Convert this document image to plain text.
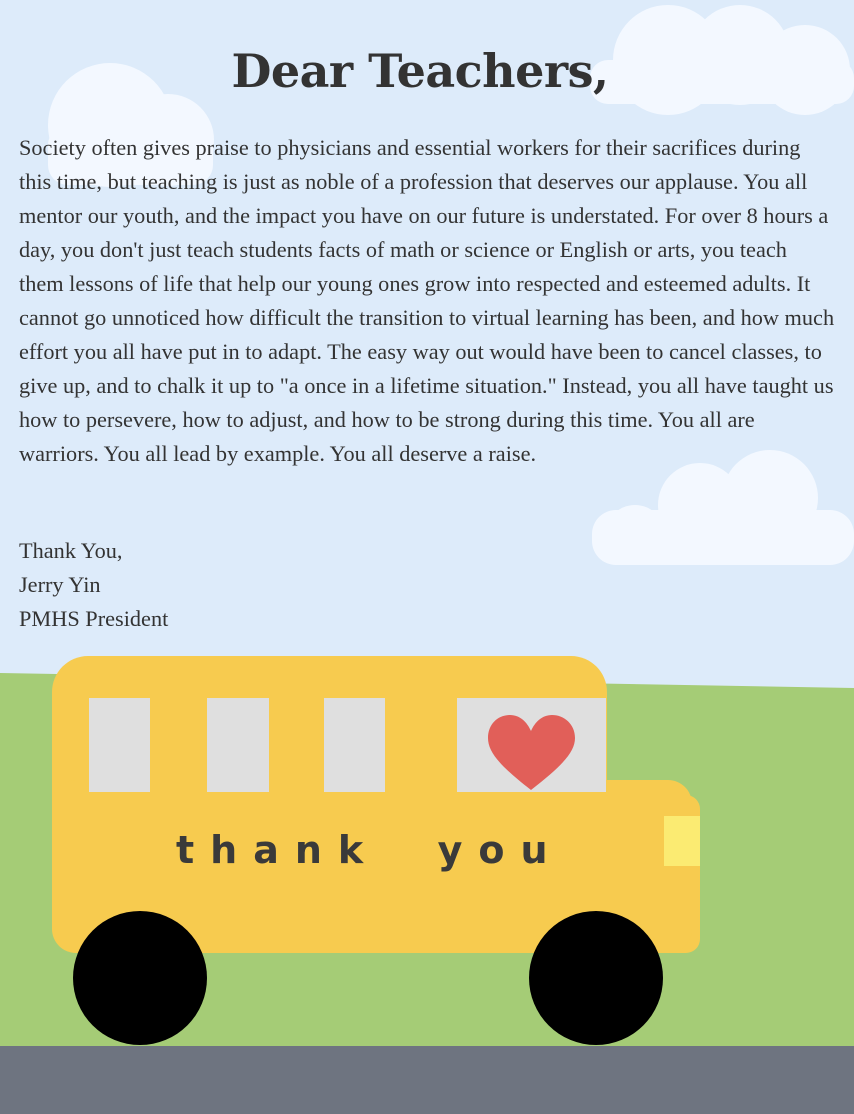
Dear Teachers,

Society often gives praise to physicians and essential workers for their sacrifices during this time, but teaching is just as noble of a profession that deserves our applause. You all mentor our youth, and the impact you have on our future is understated. For over 8 hours a day, you don't just teach students facts of math or science or English or arts, you teach them lessons of life that help our young ones grow into respected and esteemed adults. It cannot go unnoticed how difficult the transition to virtual learning has been, and how much effort you all have put in to adapt. The easy way out would have been to cancel classes, to give up, and to chalk it up to "a once in a lifetime situation." Instead, you all have taught us how to persevere, how to adjust, and how to be strong during this time. You all are warriors. You all lead by example. You all deserve a raise.

Thank You,
Jerry Yin
PMHS President
thank  you
